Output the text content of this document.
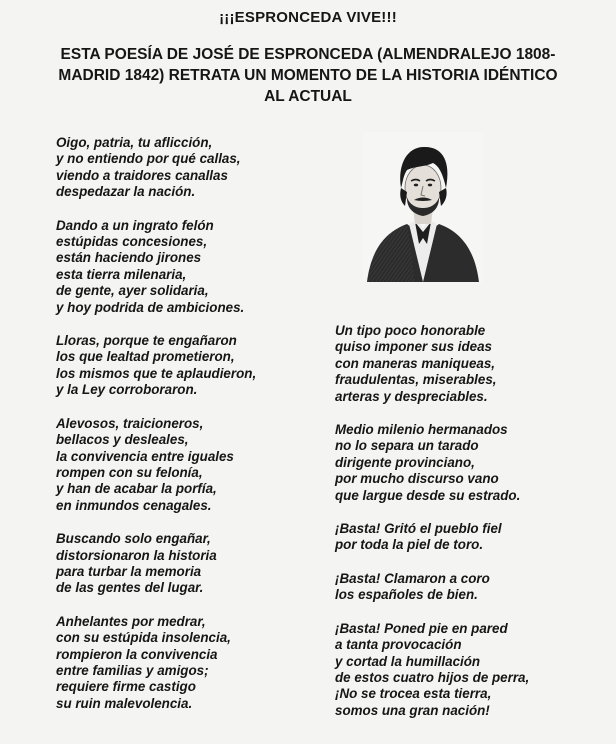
¡¡¡ESPRONCEDA VIVE!!!
ESTA POESÍA DE JOSÉ DE ESPRONCEDA (ALMENDRALEJO 1808-
MADRID 1842) RETRATA UN MOMENTO DE LA HISTORIA IDÉNTICO
AL ACTUAL
Oigo, patria, tu aflicción,
y no entiendo por qué callas,
viendo a traidores canallas
despedazar la nación.
Dando a un ingrato felón
estúpidas concesiones,
están haciendo jirones
esta tierra milenaria,
de gente, ayer solidaria,
y hoy podrida de ambiciones.
Lloras, porque te engañaron
los que lealtad prometieron,
los mismos que te aplaudieron,
y la Ley corroboraron.
Alevosos, traicioneros,
bellacos y desleales,
la convivencia entre iguales
rompen con su felonía,
y han de acabar la porfía,
en inmundos cenagales.
Buscando solo engañar,
distorsionaron la historia
para turbar la memoria
de las gentes del lugar.
Anhelantes por medrar,
con su estúpida insolencia,
rompieron la convivencia
entre familias y amigos;
requiere firme castigo
su ruin malevolencia.
Un tipo poco honorable
quiso imponer sus ideas
con maneras maniqueas,
fraudulentas, miserables,
arteras y despreciables.
Medio milenio hermanados
no lo separa un tarado
dirigente provinciano,
por mucho discurso vano
que largue desde su estrado.
¡Basta! Gritó el pueblo fiel
por toda la piel de toro.
¡Basta! Clamaron a coro
los españoles de bien.
¡Basta! Poned pie en pared
a tanta provocación
y cortad la humillación
de estos cuatro hijos de perra,
¡No se trocea esta tierra,
somos una gran nación!
